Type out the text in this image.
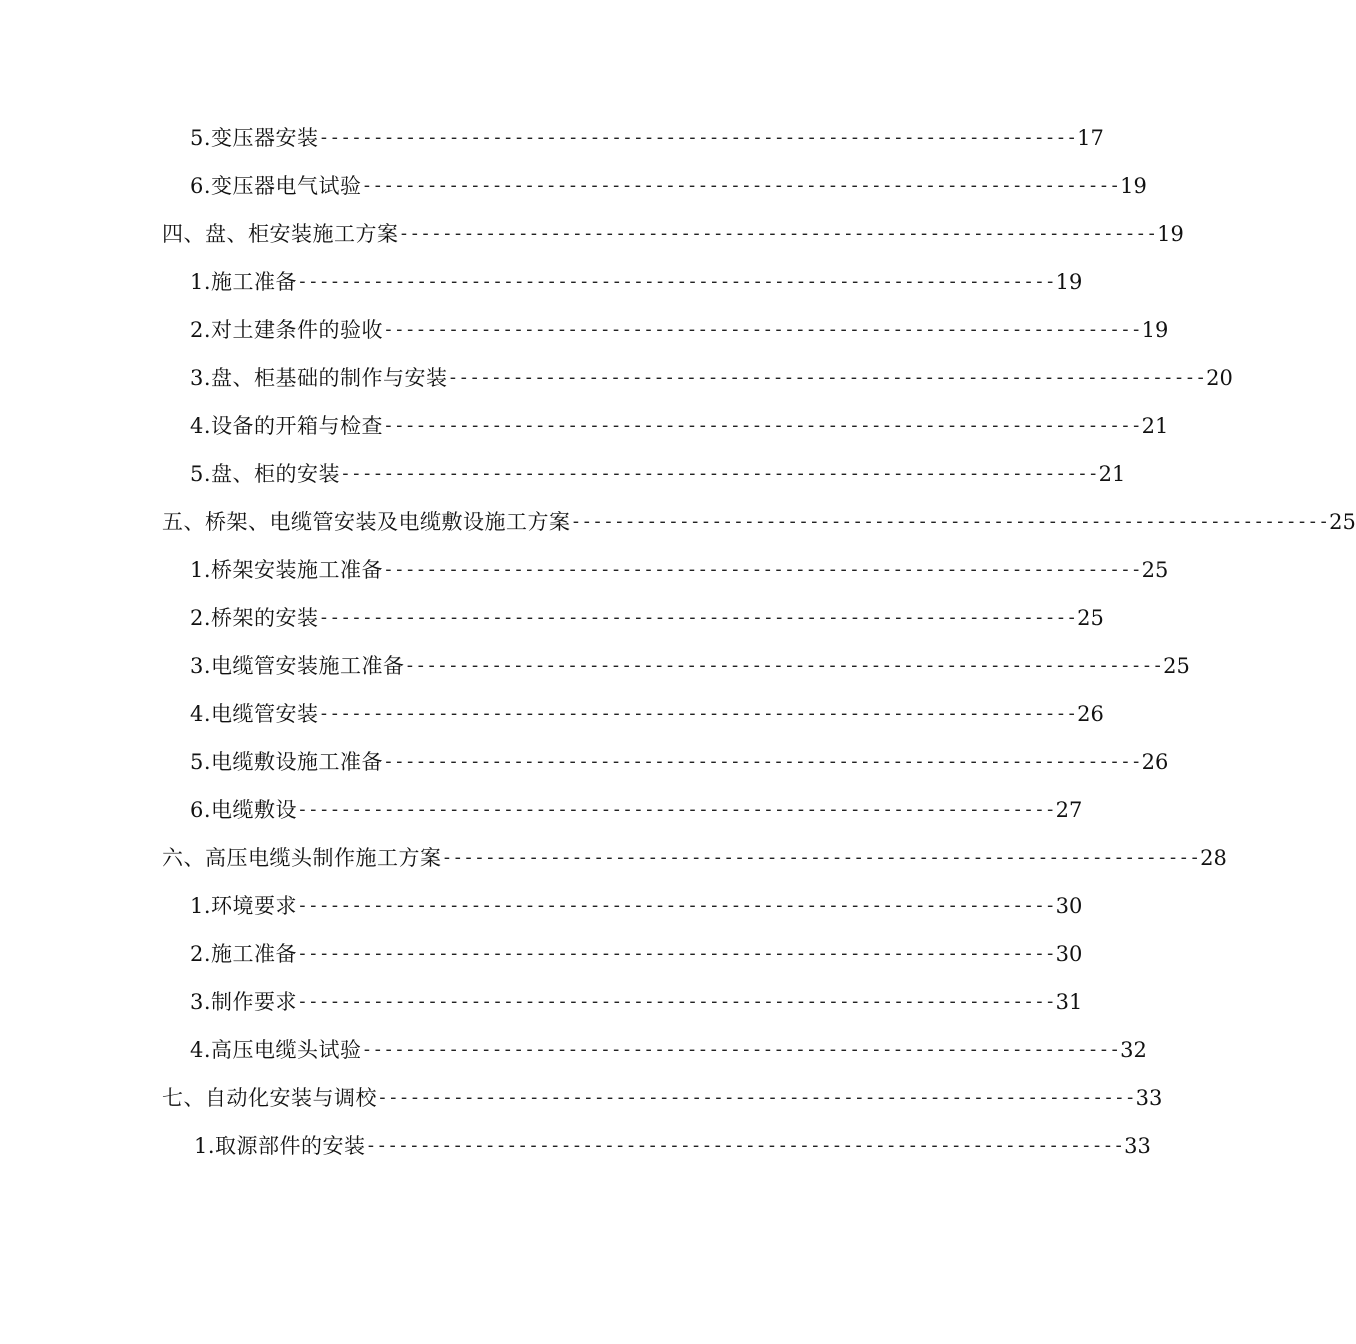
5.变压器安装 ---------------------------------------------------------------------- 17
6.变压器电气试验 ---------------------------------------------------------------------- 19
四、盘、柜安装施工方案 ---------------------------------------------------------------------- 19
1.施工准备 ---------------------------------------------------------------------- 19
2.对土建条件的验收 ---------------------------------------------------------------------- 19
3.盘、柜基础的制作与安装 ---------------------------------------------------------------------- 20
4.设备的开箱与检查 ---------------------------------------------------------------------- 21
5.盘、柜的安装 ---------------------------------------------------------------------- 21
五、桥架、电缆管安装及电缆敷设施工方案 ---------------------------------------------------------------------- 25
1.桥架安装施工准备 ---------------------------------------------------------------------- 25
2.桥架的安装 ---------------------------------------------------------------------- 25
3.电缆管安装施工准备 ---------------------------------------------------------------------- 25
4.电缆管安装 ---------------------------------------------------------------------- 26
5.电缆敷设施工准备 ---------------------------------------------------------------------- 26
6.电缆敷设 ---------------------------------------------------------------------- 27
六、高压电缆头制作施工方案 ---------------------------------------------------------------------- 28
1.环境要求 ---------------------------------------------------------------------- 30
2.施工准备 ---------------------------------------------------------------------- 30
3.制作要求 ---------------------------------------------------------------------- 31
4.高压电缆头试验 ---------------------------------------------------------------------- 32
七、自动化安装与调校 ---------------------------------------------------------------------- 33
1.取源部件的安装 ---------------------------------------------------------------------- 33
